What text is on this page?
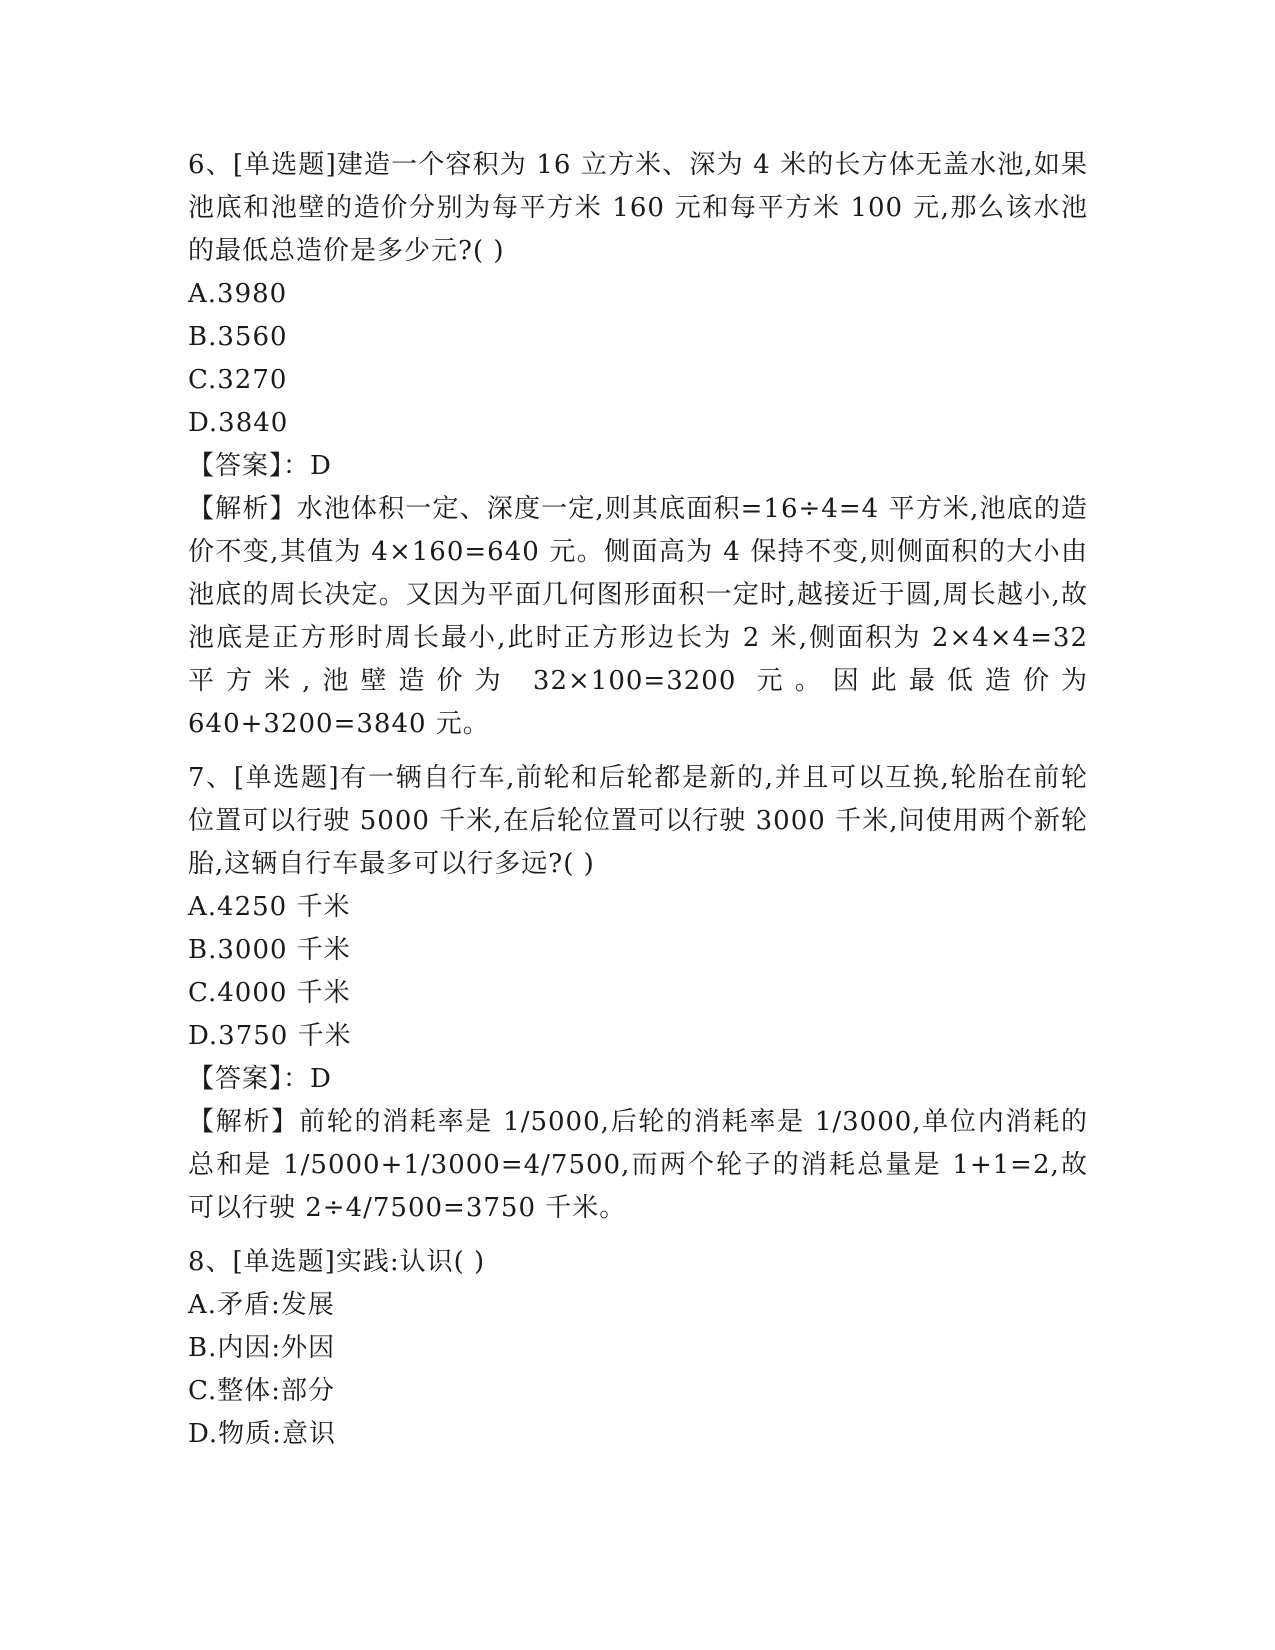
6、[单选题]建造一个容积为 16 立方米、深为 4 米的长方体无盖水池,如果池底和池壁的造价分别为每平方米 160 元和每平方米 100 元,那么该水池的最低总造价是多少元?( )

A.3980

B.3560

C.3270

D.3840

【答案】：D

【解析】水池体积一定、深度一定,则其底面积=16÷4=4 平方米,池底的造价不变,其值为 4×160=640 元。侧面高为 4 保持不变,则侧面积的大小由池底的周长决定。又因为平面几何图形面积一定时,越接近于圆,周长越小,故池底是正方形时周长最小,此时正方形边长为 2 米,侧面积为 2×4×4=32 平方米,池壁造价为 32×100=3200 元。因此最低造价为 640+3200=3840 元。

7、[单选题]有一辆自行车,前轮和后轮都是新的,并且可以互换,轮胎在前轮位置可以行驶 5000 千米,在后轮位置可以行驶 3000 千米,问使用两个新轮胎,这辆自行车最多可以行多远?( )

A.4250 千米

B.3000 千米

C.4000 千米

D.3750 千米

【答案】：D

【解析】前轮的消耗率是 1/5000,后轮的消耗率是 1/3000,单位内消耗的总和是 1/5000+1/3000=4/7500,而两个轮子的消耗总量是 1+1=2,故可以行驶 2÷4/7500=3750 千米。

8、[单选题]实践:认识( )

A.矛盾:发展

B.内因:外因

C.整体:部分

D.物质:意识
